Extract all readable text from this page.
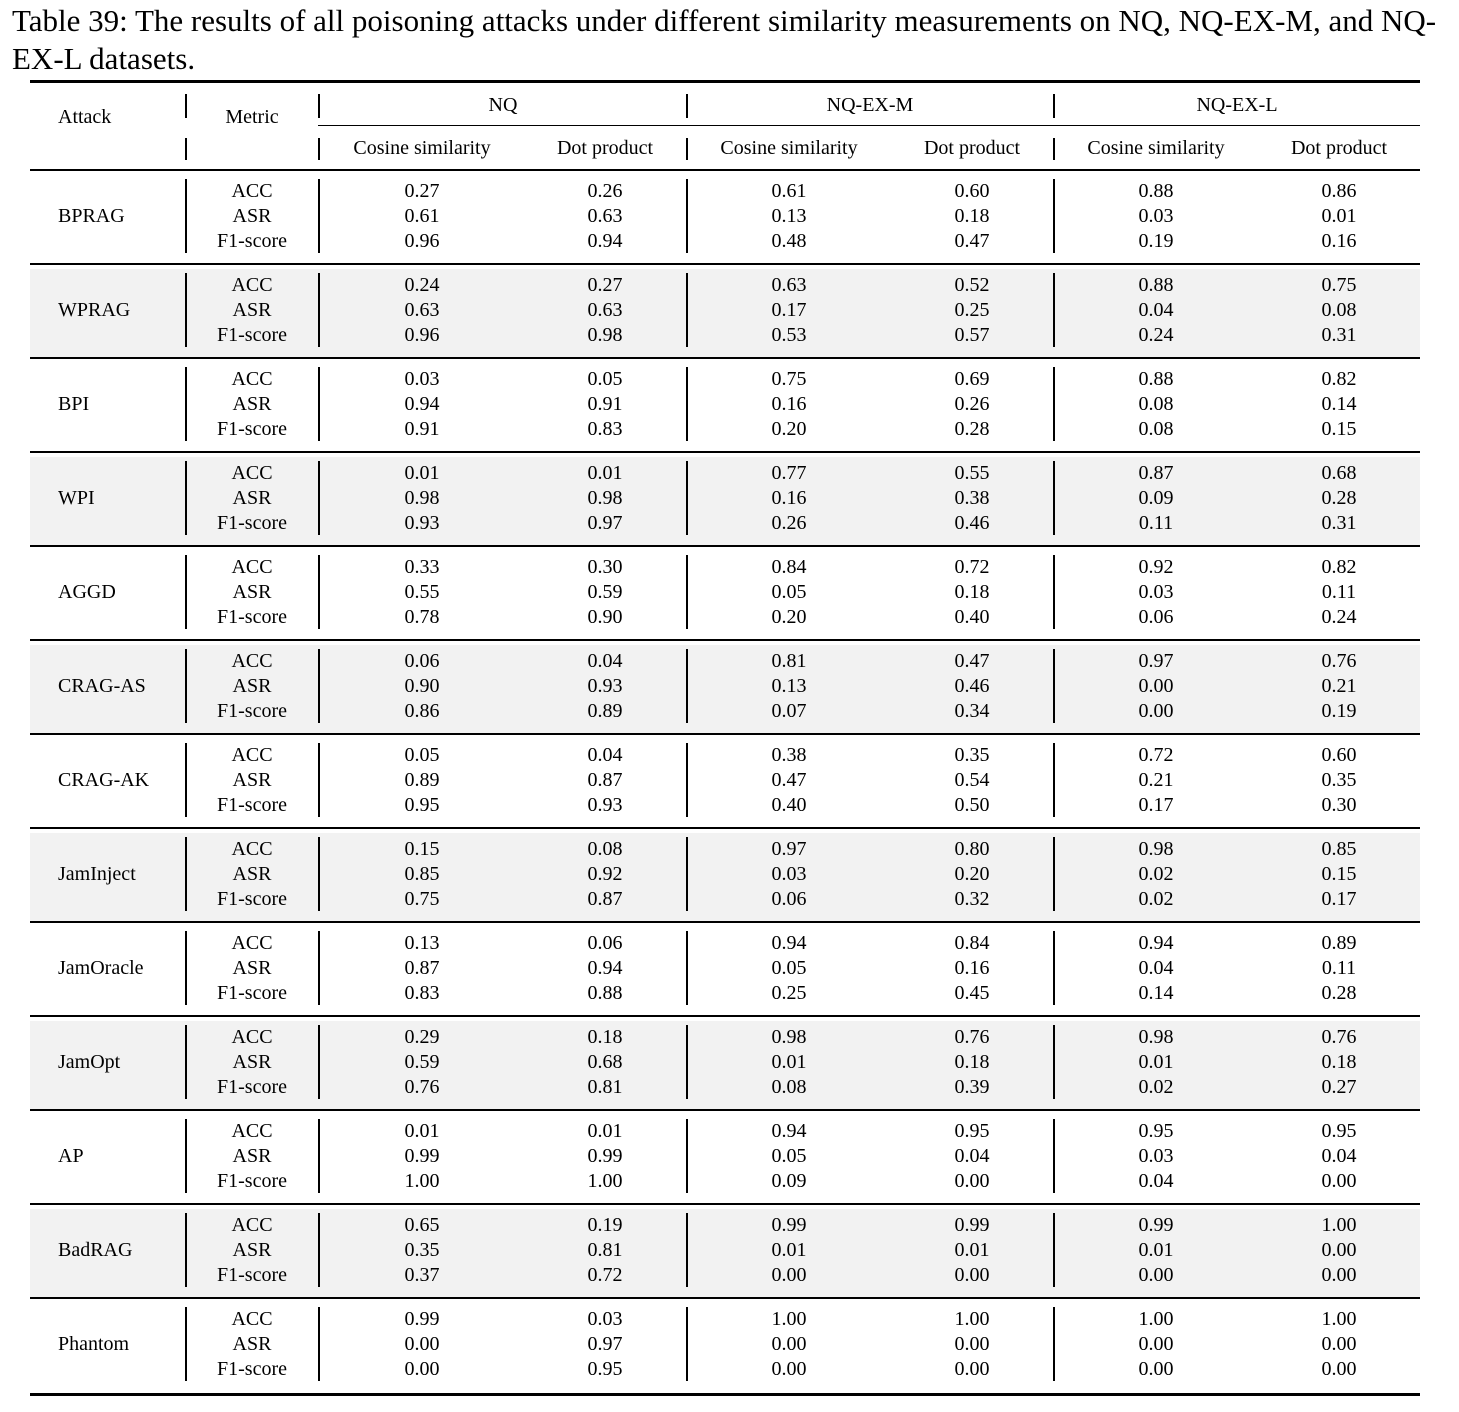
Table 39: The results of all poisoning attacks under different similarity measurements on NQ, NQ-EX-M, and NQ-EX-L datasets.

Attack	Metric
NQ	NQ-EX-M	NQ-EX-L
Cosine similarity	Dot product	Cosine similarity	Dot product	Cosine similarity	Dot product
BPRAG
ACC	0.27	0.26	0.61	0.60	0.88	0.86
ASR	0.61	0.63	0.13	0.18	0.03	0.01
F1-score	0.96	0.94	0.48	0.47	0.19	0.16
WPRAG
ACC	0.24	0.27	0.63	0.52	0.88	0.75
ASR	0.63	0.63	0.17	0.25	0.04	0.08
F1-score	0.96	0.98	0.53	0.57	0.24	0.31
BPI
ACC	0.03	0.05	0.75	0.69	0.88	0.82
ASR	0.94	0.91	0.16	0.26	0.08	0.14
F1-score	0.91	0.83	0.20	0.28	0.08	0.15
WPI
ACC	0.01	0.01	0.77	0.55	0.87	0.68
ASR	0.98	0.98	0.16	0.38	0.09	0.28
F1-score	0.93	0.97	0.26	0.46	0.11	0.31
AGGD
ACC	0.33	0.30	0.84	0.72	0.92	0.82
ASR	0.55	0.59	0.05	0.18	0.03	0.11
F1-score	0.78	0.90	0.20	0.40	0.06	0.24
CRAG-AS
ACC	0.06	0.04	0.81	0.47	0.97	0.76
ASR	0.90	0.93	0.13	0.46	0.00	0.21
F1-score	0.86	0.89	0.07	0.34	0.00	0.19
CRAG-AK
ACC	0.05	0.04	0.38	0.35	0.72	0.60
ASR	0.89	0.87	0.47	0.54	0.21	0.35
F1-score	0.95	0.93	0.40	0.50	0.17	0.30
JamInject
ACC	0.15	0.08	0.97	0.80	0.98	0.85
ASR	0.85	0.92	0.03	0.20	0.02	0.15
F1-score	0.75	0.87	0.06	0.32	0.02	0.17
JamOracle
ACC	0.13	0.06	0.94	0.84	0.94	0.89
ASR	0.87	0.94	0.05	0.16	0.04	0.11
F1-score	0.83	0.88	0.25	0.45	0.14	0.28
JamOpt
ACC	0.29	0.18	0.98	0.76	0.98	0.76
ASR	0.59	0.68	0.01	0.18	0.01	0.18
F1-score	0.76	0.81	0.08	0.39	0.02	0.27
AP
ACC	0.01	0.01	0.94	0.95	0.95	0.95
ASR	0.99	0.99	0.05	0.04	0.03	0.04
F1-score	1.00	1.00	0.09	0.00	0.04	0.00
BadRAG
ACC	0.65	0.19	0.99	0.99	0.99	1.00
ASR	0.35	0.81	0.01	0.01	0.01	0.00
F1-score	0.37	0.72	0.00	0.00	0.00	0.00
Phantom
ACC	0.99	0.03	1.00	1.00	1.00	1.00
ASR	0.00	0.97	0.00	0.00	0.00	0.00
F1-score	0.00	0.95	0.00	0.00	0.00	0.00
